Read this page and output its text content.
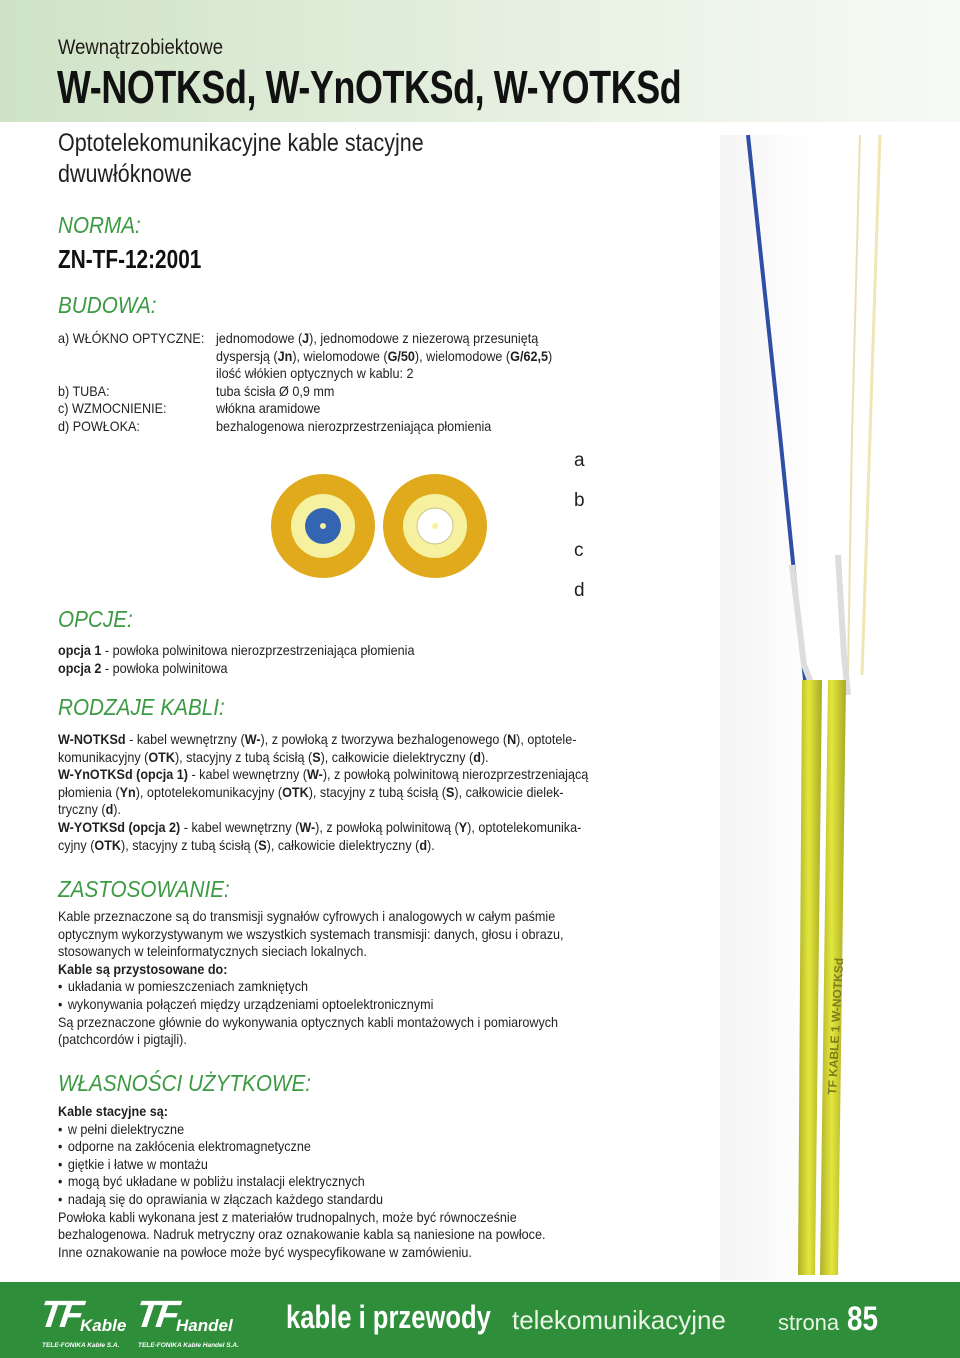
Wewnątrzobiektowe
W-NOTKSd, W-YnOTKSd, W-YOTKSd
Optotelekomunikacyjne kable stacyjne
dwuwłóknowe
NORMA:
ZN-TF-12:2001
BUDOWA:
a) WŁÓKNO OPTYCZNE: jednomodowe (J), jednomodowe z niezerową przesuniętą
dyspersją (Jn), wielomodowe (G/50), wielomodowe (G/62,5)
ilość włókien optycznych w kablu: 2
b) TUBA:	tuba ścisła Ø 0,9 mm
c) WZMOCNIENIE:	włókna aramidowe
d) POWŁOKA:	bezhalogenowa nierozprzestrzeniająca płomienia
a
b
c
d
OPCJE:
opcja 1 - powłoka polwinitowa nierozprzestrzeniająca płomienia
opcja 2 - powłoka polwinitowa
RODZAJE KABLI:
W-NOTKSd - kabel wewnętrzny (W-), z powłoką z tworzywa bezhalogenowego (N), optotele-
komunikacyjny (OTK), stacyjny z tubą ścisłą (S), całkowicie dielektryczny (d).
W-YnOTKSd (opcja 1) - kabel wewnętrzny (W-), z powłoką polwinitową nierozprzestrzeniającą
płomienia (Yn), optotelekomunikacyjny (OTK), stacyjny z tubą ścisłą (S), całkowicie dielek-
tryczny (d).
W-YOTKSd (opcja 2) - kabel wewnętrzny (W-), z powłoką polwinitową (Y), optotelekomunika-
cyjny (OTK), stacyjny z tubą ścisłą (S), całkowicie dielektryczny (d).
ZASTOSOWANIE:
Kable przeznaczone są do transmisji sygnałów cyfrowych i analogowych w całym paśmie
optycznym wykorzystywanym we wszystkich systemach transmisji: danych, głosu i obrazu,
stosowanych w teleinformatycznych sieciach lokalnych.
Kable są przystosowane do:
• układania w pomieszczeniach zamkniętych
• wykonywania połączeń między urządzeniami optoelektronicznymi
Są przeznaczone głównie do wykonywania optycznych kabli montażowych i pomiarowych
(patchcordów i pigtajli).
WŁASNOŚCI UŻYTKOWE:
Kable stacyjne są:
• w pełni dielektryczne
• odporne na zakłócenia elektromagnetyczne
• giętkie i łatwe w montażu
• mogą być układane w pobliżu instalacji elektrycznych
• nadają się do oprawiania w złączach każdego standardu
Powłoka kabli wykonana jest z materiałów trudnopalnych, może być równocześnie
bezhalogenowa. Nadruk metryczny oraz oznakowanie kabla są naniesione na powłoce.
Inne oznakowanie na powłoce może być wyspecyfikowane w zamówieniu.
TF KABLE 1 W-NOTKSd
TF
Kable
TELE-FONIKA Kable S.A.
TF
Handel
TELE-FONIKA Kable Handel S.A.
kable i przewody telekomunikacyjne strona 85
